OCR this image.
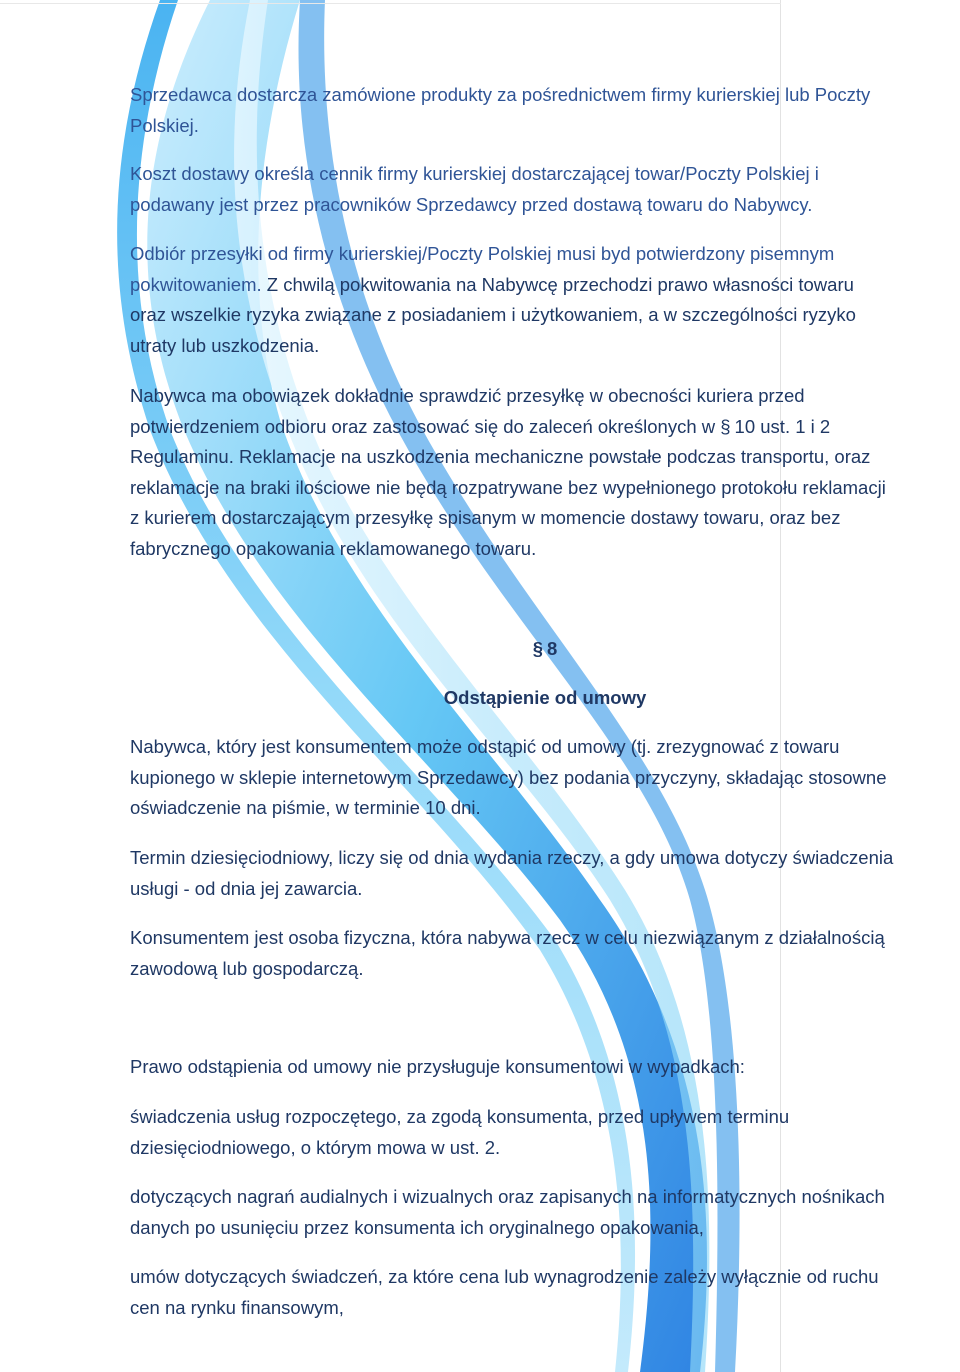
Sprzedawca dostarcza zamówione produkty za pośrednictwem firmy kurierskiej lub Poczty
Polskiej.
Koszt dostawy określa cennik firmy kurierskiej dostarczającej towar/Poczty Polskiej i
podawany jest przez pracowników Sprzedawcy przed dostawą towaru do Nabywcy.
Odbiór przesyłki od firmy kurierskiej/Poczty Polskiej musi byd potwierdzony pisemnym
pokwitowaniem. Z chwilą pokwitowania na Nabywcę przechodzi prawo własności towaru
oraz wszelkie ryzyka związane z posiadaniem i użytkowaniem, a w szczególności ryzyko
utraty lub uszkodzenia.
Nabywca ma obowiązek dokładnie sprawdzić przesyłkę w obecności kuriera przed
potwierdzeniem odbioru oraz zastosować się do zaleceń określonych w § 10 ust. 1 i 2
Regulaminu. Reklamacje na uszkodzenia mechaniczne powstałe podczas transportu, oraz
reklamacje na braki ilościowe nie będą rozpatrywane bez wypełnionego protokołu reklamacji
z kurierem dostarczającym przesyłkę spisanym w momencie dostawy towaru, oraz bez
fabrycznego opakowania reklamowanego towaru.
§ 8
Odstąpienie od umowy
Nabywca, który jest konsumentem może odstąpić od umowy (tj. zrezygnować z towaru
kupionego w sklepie internetowym Sprzedawcy) bez podania przyczyny, składając stosowne
oświadczenie na piśmie, w terminie 10 dni.
Termin dziesięciodniowy, liczy się od dnia wydania rzeczy, a gdy umowa dotyczy świadczenia
usługi - od dnia jej zawarcia.
Konsumentem jest osoba fizyczna, która nabywa rzecz w celu niezwiązanym z działalnością
zawodową lub gospodarczą.
Prawo odstąpienia od umowy nie przysługuje konsumentowi w wypadkach:
świadczenia usług rozpoczętego, za zgodą konsumenta, przed upływem terminu
dziesięciodniowego, o którym mowa w ust. 2.
dotyczących nagrań audialnych i wizualnych oraz zapisanych na informatycznych nośnikach
danych po usunięciu przez konsumenta ich oryginalnego opakowania,
umów dotyczących świadczeń, za które cena lub wynagrodzenie zależy wyłącznie od ruchu
cen na rynku finansowym,
